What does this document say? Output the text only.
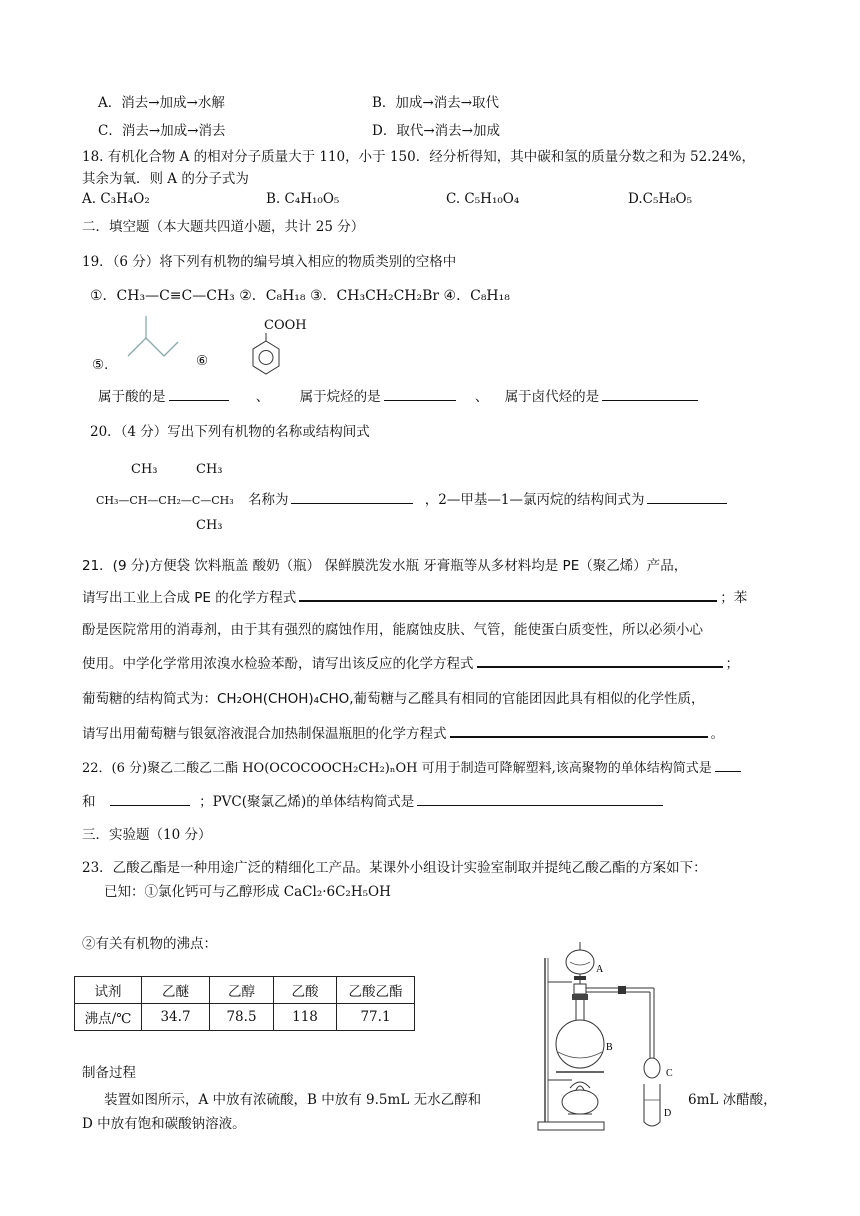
A．消去→加成→水解	B．加成→消去→取代
C．消去→加成→消去	D．取代→消去→加成
18. 有机化合物 A 的相对分子质量大于 110，小于 150．经分析得知，其中碳和氢的质量分数之和为 52.24%，
其余为氧．则 A 的分子式为
A. C₃H₄O₂	B. C₄H₁₀O₅	C. C₅H₁₀O₄	D.C₅H₈O₅
二．填空题（本大题共四道小题，共计 25 分）
19．（6 分）将下列有机物的编号填入相应的物质类别的空格中
①．CH₃—C≡C—CH₃ ②．C₈H₁₈ ③．CH₃CH₂CH₂Br ④．C₈H₁₈
⑤．	⑥
COOH
属于酸的是	、 属于烷烃的是	、 属于卤代烃的是
20．（4 分）写出下列有机物的名称或结构间式
CH₃	CH₃
CH₃—CH—CH₂—C—CH₃ 名称为	，2—甲基—1—氯丙烷的结构间式为
CH₃
21．(9 分)方便袋 饮料瓶盖 酸奶（瓶） 保鲜膜洗发水瓶 牙膏瓶等从多材料均是 PE（聚乙烯）产品，
请写出工业上合成 PE 的化学方程式	；苯
酚是医院常用的消毒剂，由于其有强烈的腐蚀作用，能腐蚀皮肤、气管，能使蛋白质变性，所以必须小心
使用。中学化学常用浓溴水检验苯酚，请写出该反应的化学方程式	；
葡萄糖的结构简式为：CH₂OH(CHOH)₄CHO,葡萄糖与乙醛具有相同的官能团因此具有相似的化学性质，
请写出用葡萄糖与银氨溶液混合加热制保温瓶胆的化学方程式	。
22．(6 分)聚乙二酸乙二酯 HO(OCOCOOCH₂CH₂)ₙOH 可用于制造可降解塑料,该高聚物的单体结构简式是
和	；PVC(聚氯乙烯)的单体结构简式是
三．实验题（10 分）
23．乙酸乙酯是一种用途广泛的精细化工产品。某课外小组设计实验室制取并提纯乙酸乙酯的方案如下：
已知：①氯化钙可与乙醇形成 CaCl₂·6C₂H₅OH
②有关有机物的沸点：
试剂	乙醚	乙醇	乙酸	乙酸乙酯
沸点/℃	34.7	78.5	118	77.1
制备过程
装置如图所示，A 中放有浓硫酸，B 中放有 9.5mL 无水乙醇和	6mL 冰醋酸，
D 中放有饱和碳酸钠溶液。
A
B
C
D
